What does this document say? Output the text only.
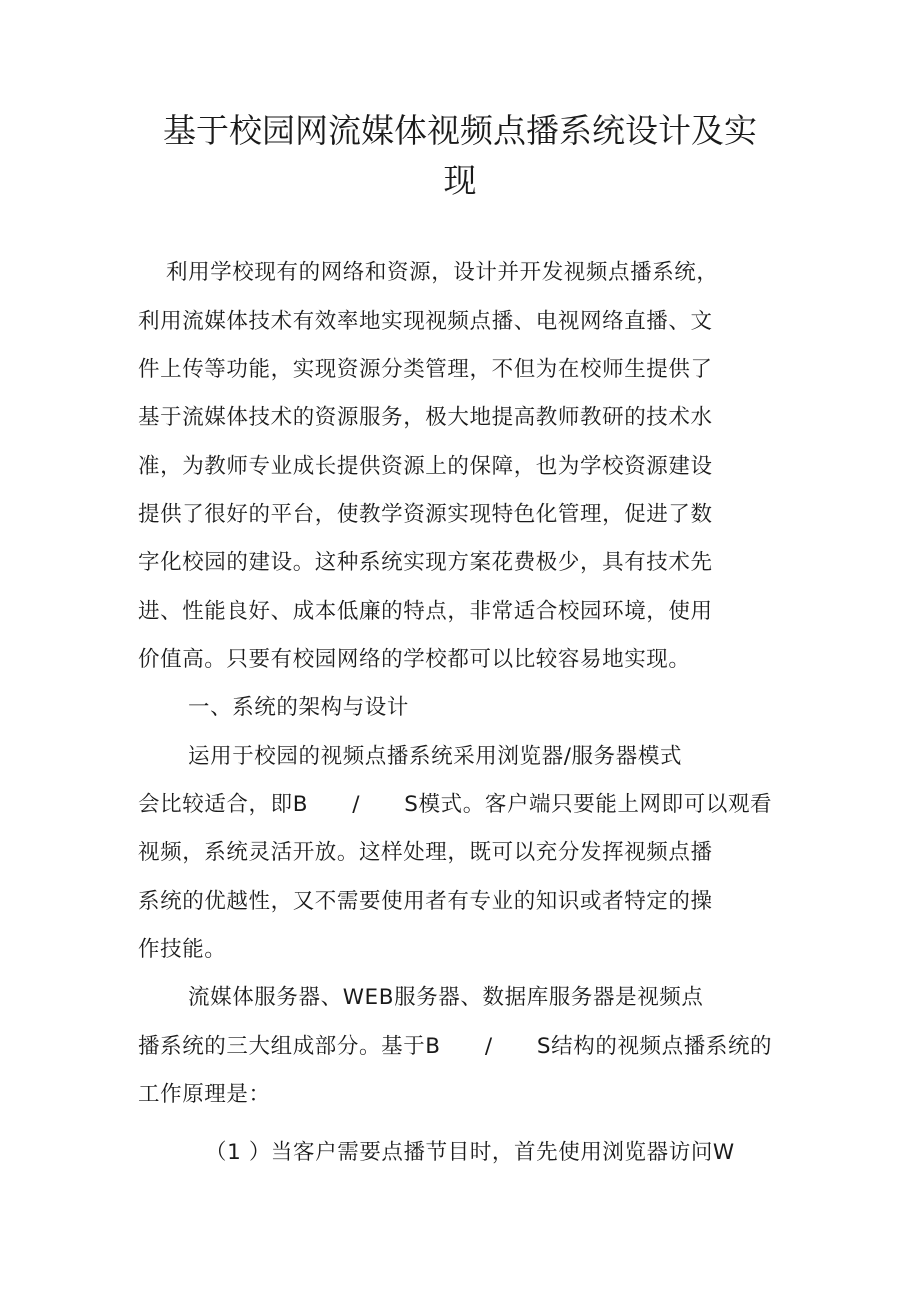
基于校园网流媒体视频点播系统设计及实
现
利用学校现有的网络和资源，设计并开发视频点播系统，
利用流媒体技术有效率地实现视频点播、电视网络直播、文
件上传等功能，实现资源分类管理，不但为在校师生提供了
基于流媒体技术的资源服务，极大地提高教师教研的技术水
准，为教师专业成长提供资源上的保障，也为学校资源建设
提供了很好的平台，使教学资源实现特色化管理，促进了数
字化校园的建设。这种系统实现方案花费极少，具有技术先
进、性能良好、成本低廉的特点，非常适合校园环境，使用
价值高。只要有校园网络的学校都可以比较容易地实现。
一、系统的架构与设计
运用于校园的视频点播系统采用浏览器/服务器模式
会比较适合，即B　　/　　S模式。客户端只要能上网即可以观看
视频，系统灵活开放。这样处理，既可以充分发挥视频点播
系统的优越性，又不需要使用者有专业的知识或者特定的操
作技能。
流媒体服务器、WEB服务器、数据库服务器是视频点
播系统的三大组成部分。基于B　　/　　S结构的视频点播系统的
工作原理是：
（1 ）当客户需要点播节目时，首先使用浏览器访问W
